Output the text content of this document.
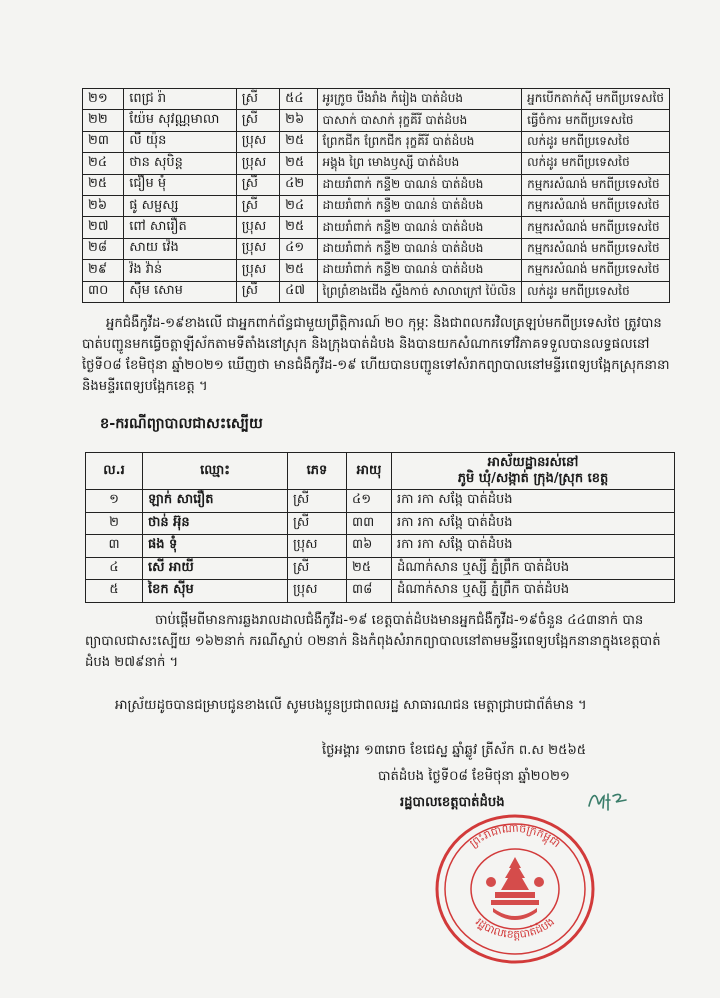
២១	ពេជ្រ រ៉ា	ស្រី	៥៤	អូរក្រូច បឹងរាំង កំរៀង បាត់ដំបង	អ្នកបើកតាក់ស៊ី មកពីប្រទេសថៃ
២២	យ៉ែម សុវណ្ណមាលា	ស្រី	២៦	បាសាក់ បាសាក់ រុក្ខគីរី បាត់ដំបង	ធ្វើចំការ មកពីប្រទេសថៃ
២៣	លី យ៉ុន	ប្រុស	២៥	ព្រែកជីក ព្រែកជីក រុក្ខគីរី បាត់ដំបង	លក់ដូរ មកពីប្រទេសថៃ
២៤	ថាន សុបិន្ត	ប្រុស	២៥	អង្គុង ព្រៃ មោងឫស្សី បាត់ដំបង	លក់ដូរ មកពីប្រទេសថៃ
២៥	ជឿម មុំ	ស្រី	៤២	ដាយរាំពាក់ កន្ទឺ២ បាណន់ បាត់ដំបង	កម្មករសំណង់ មកពីប្រទេសថៃ
២៦	ផូ សម្ផស្ស	ស្រី	២៤	ដាយរាំពាក់ កន្ទឺ២ បាណន់ បាត់ដំបង	កម្មករសំណង់ មកពីប្រទេសថៃ
២៧	ពៅ សារឿត	ប្រុស	២៥	ដាយរាំពាក់ កន្ទឺ២ បាណន់ បាត់ដំបង	កម្មករសំណង់ មកពីប្រទេសថៃ
២៨	សាយ វ៉េង	ប្រុស	៤១	ដាយរាំពាក់ កន្ទឺ២ បាណន់ បាត់ដំបង	កម្មករសំណង់ មកពីប្រទេសថៃ
២៩	វ៉ង វ៉ាន់	ប្រុស	២៥	ដាយរាំពាក់ កន្ទឺ២ បាណន់ បាត់ដំបង	កម្មករសំណង់ មកពីប្រទេសថៃ
៣០	ស៊ឹម សោម	ស្រី	៤៧	ព្រៃព្រំខាងជើង ស្ទឹងកាច់ សាលាក្រៅ ប៉ៃលិន	លក់ដូរ មកពីប្រទេសថៃ

អ្នកជំងឺកូវីដ-១៩ខាងលើ ជាអ្នកពាក់ព័ន្ធជាមួយព្រឹត្តិការណ៍ ២០ កុម្ភៈ និងជាពលករវិលត្រឡប់មកពីប្រទេសថៃ ត្រូវបានបាត់បញ្ជូនមកធ្វើចត្តាឡីស័កតាមទីតាំងនៅស្រុក និងក្រុងបាត់ដំបង និងបានយកសំណាកទៅវិភាគទទួលបានលទ្ធផលនៅថ្ងៃទី០៨ ខែមិថុនា ឆ្នាំ២០២១ ឃើញថា មានជំងឺកូវីដ-១៩ ហើយបានបញ្ជូនទៅសំរាកព្យាបាលនៅមន្ទីរពេទ្យបង្អែកស្រុកនានា និងមន្ទីរពេទ្យបង្អែកខេត្ត ។

ខ-ករណីព្យាបាលជាសះស្បើយ

ល.រ	ឈ្មោះ	ភេទ	អាយុ	អាស័យដ្ឋានរស់នៅ
ភូមិ ឃុំ/សង្កាត់ ក្រុង/ស្រុក ខេត្ត

១	ឡាក់ សារឿត	ស្រី	៤១	រកា រកា សង្កែ បាត់ដំបង
២	ថាន់ អ៊ុន	ស្រី	៣៣	រកា រកា សង្កែ បាត់ដំបង
៣	ផង ទុំ	ប្រុស	៣៦	រកា រកា សង្កែ បាត់ដំបង
៤	សើ អាយី	ស្រី	២៥	ដំណាក់សាន ឬស្សី ភ្នំព្រឹក បាត់ដំបង
៥	ខៃក ស៊ីម	ប្រុស	៣៨	ដំណាក់សាន ឬស្សី ភ្នំព្រឹក បាត់ដំបង

ចាប់ផ្តើមពីមានការឆ្លងរាលដាលជំងឺកូវីដ-១៩ ខេត្តបាត់ដំបងមានអ្នកជំងឺកូវីដ-១៩ចំនួន ៤៤៣នាក់ បានព្យាបាលជាសះស្បើយ ១៦២នាក់ ករណីស្លាប់ ០២នាក់ និងកំពុងសំរាកព្យាបាលនៅតាមមន្ទីរពេទ្យបង្អែកនានាក្នុងខេត្តបាត់ដំបង ២៧៩នាក់ ។

អាស្រ័យដូចបានជម្រាបជូនខាងលើ សូមបងប្អូនប្រជាពលរដ្ឋ សាធារណជន មេត្តាជ្រាបជាព័ត៌មាន ។

ថ្ងៃអង្គារ ១៣រោច ខែជេស្ឋ ឆ្នាំឆ្លូវ ត្រីស័ក ព.ស ២៥៦៥

បាត់ដំបង ថ្ងៃទី០៨ ខែមិថុនា ឆ្នាំ២០២១

រដ្ឋបាលខេត្តបាត់ដំបង

ព្រះរាជាណាចក្រកម្ពុជា
រដ្ឋបាលខេត្តបាត់ដំបង
